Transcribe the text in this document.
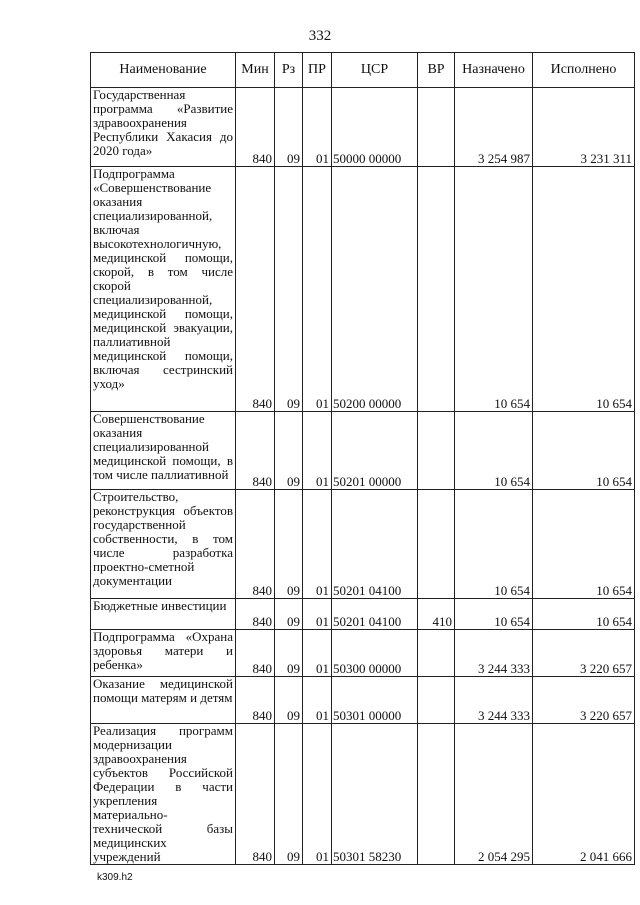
332
Наименование	Мин	Рз	ПР	ЦСР	ВР	Назначено	Исполнено
Государственная программа «Развитие здравоохранения Республики Хакасия до 2020 года»	840	09	01	50000 00000		3 254 987	3 231 311
Подпрограмма «Совершенствование оказания специализированной, включая высокотехнологичную, медицинской помощи, скорой, в том числе скорой специализированной, медицинской помощи, медицинской эвакуации, паллиативной медицинской помощи, включая сестринский уход»	840	09	01	50200 00000		10 654	10 654
Совершенствование оказания специализированной медицинской помощи, в том числе паллиативной	840	09	01	50201 00000		10 654	10 654
Строительство, реконструкция объектов государственной собственности, в том числе разработка проектно-сметной документации	840	09	01	50201 04100		10 654	10 654
Бюджетные инвестиции	840	09	01	50201 04100	410	10 654	10 654
Подпрограмма «Охрана здоровья матери и ребенка»	840	09	01	50300 00000		3 244 333	3 220 657
Оказание медицинской помощи матерям и детям	840	09	01	50301 00000		3 244 333	3 220 657
Реализация программ модернизации здравоохранения субъектов Российской Федерации в части укрепления материально-технической базы медицинских учреждений	840	09	01	50301 58230		2 054 295	2 041 666
k309.h2
